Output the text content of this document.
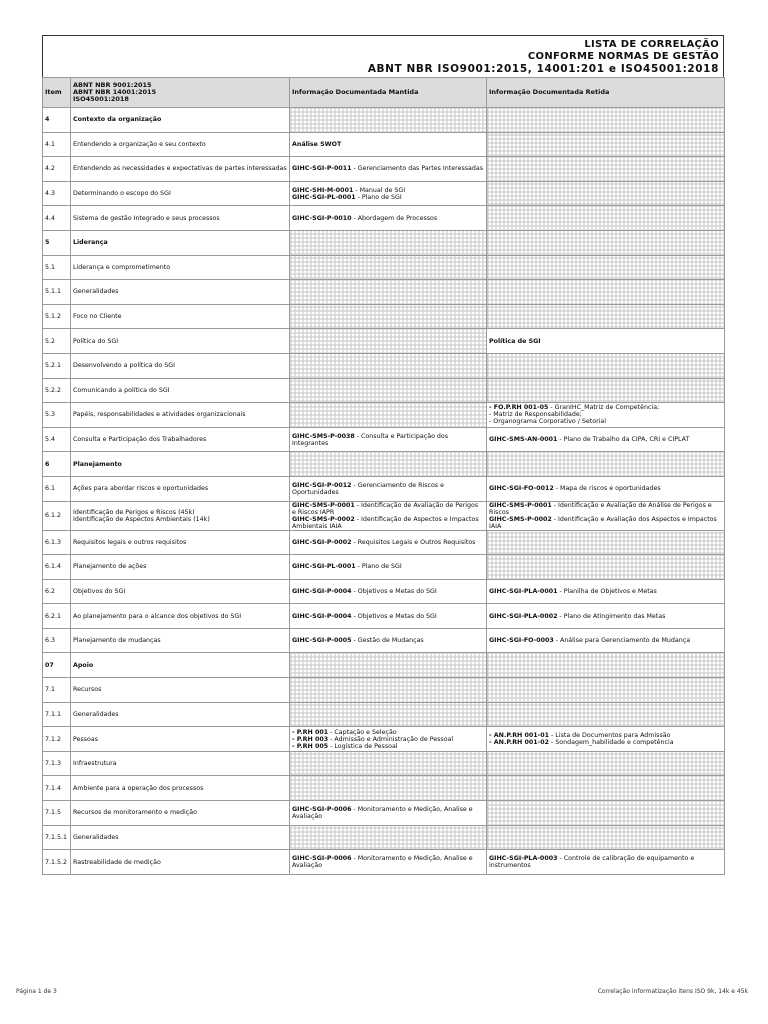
LISTA DE CORRELAÇÃO
CONFORME NORMAS DE GESTÃO
ABNT NBR ISO9001:2015, 14001:201 e ISO45001:2018
Item	ABNT NBR 9001:2015
ABNT NBR 14001:2015
ISO45001:2018	Informação Documentada Mantida	Informação Documentada Retida
4	Contexto da organização		

4.1	Entendendo a organização e seu contexto	Análise SWOT	

4.2	Entendendo as necessidades e expectativas de partes interessadas	GIHC-SGI-P-0011 - Gerenciamento das Partes Interessadas	

4.3	Determinando o escopo do SGI	GIHC-SHI-M-0001 - Manual de SGI
GIHC-SGI-PL-0001 - Plano de SGI	

4.4	Sistema de gestão Integrado e seus processos	GIHC-SGI-P-0010 - Abordagem de Processos	

5	Liderança		

5.1	Liderança e comprometimento		

5.1.1	Generalidades		

5.1.2	Foco no Cliente		

5.2	Política do SGI		Política de SGI

5.2.1	Desenvolvendo a política do SGI		

5.2.2	Comunicando a política do SGI		

5.3	Papéis, responsabilidades e atividades organizacionais		- FO.P.RH 001-05 - GranIHC_Matriz de Competência;
- Matriz de Responsabilidade;
- Organograma Corporativo / Setorial

5.4	Consulta e Participação dos Trabalhadores	GIHC-SMS-P-0038 - Consulta e Participação dos Integrantes	GIHC-SMS-AN-0001 - Plano de Trabalho da CIPA, CRI e CIPLAT

6	Planejamento		

6.1	Ações para abordar riscos e oportunidades	GIHC-SGI-P-0012 - Gerenciamento de Riscos e Oportunidades	GIHC-SGI-FO-0012 - Mapa de riscos e oportunidades

6.1.2	Identificação de Perigos e Riscos (45k)
Identificação de Aspectos Ambientais (14k)	GIHC-SMS-P-0001 - Identificação de Avaliação de Perigos e Riscos IAPR
GIHC-SMS-P-0002 - Identificação de Aspectos e Impactos Ambientais IAIA	GIHC-SMS-P-0001 - Identificação e Avaliação de Análise de Perigos e Riscos
GIHC-SMS-P-0002 - Identificação e Avaliação dos Aspectos e Impactos IAIA

6.1.3	Requisitos legais e outros requisitos	GIHC-SGI-P-0002 - Requisitos Legais e Outros Requisitos	

6.1.4	Planejamento de ações	GIHC-SGI-PL-0001 - Plano de SGI	

6.2	Objetivos do SGI	GIHC-SGI-P-0004 - Objetivos e Metas do SGI	GIHC-SGI-PLA-0001 - Planilha de Objetivos e Metas

6.2.1	Ao planejamento para o alcance dos objetivos do SGI	GIHC-SGI-P-0004 - Objetivos e Metas do SGI	GIHC-SGI-PLA-0002 - Plano de Atingimento das Metas

6.3	Planejamento de mudanças	GIHC-SGI-P-0005 - Gestão de Mudanças	GIHC-SGI-FO-0003 - Análise para Gerenciamento de Mudança

07	Apoio		

7.1	Recursos		

7.1.1	Generalidades		

7.1.2	Pessoas	- P.RH 001 - Captação e Seleção
- P.RH 003 - Admissão e Administração de Pessoal
- P.RH 005 - Logística de Pessoal	- AN.P.RH 001-01 - Lista de Documentos para Admissão
- AN.P.RH 001-02 - Sondagem_habilidade e competência

7.1.3	Infraestrutura		

7.1.4	Ambiente para a operação dos processos		

7.1.5	Recursos de monitoramento e medição	GIHC-SGI-P-0006 - Monitoramento e Medição, Analise e Avaliação	

7.1.5.1	Generalidades		

7.1.5.2	Rastreabilidade de medição	GIHC-SGI-P-0006 - Monitoramento e Medição, Analise e Avaliação	GIHC-SGI-PLA-0003 - Controle de calibração de equipamento e instrumentos
Página 1 de 3	Correlação informatização itens ISO 9k, 14k e 45k
